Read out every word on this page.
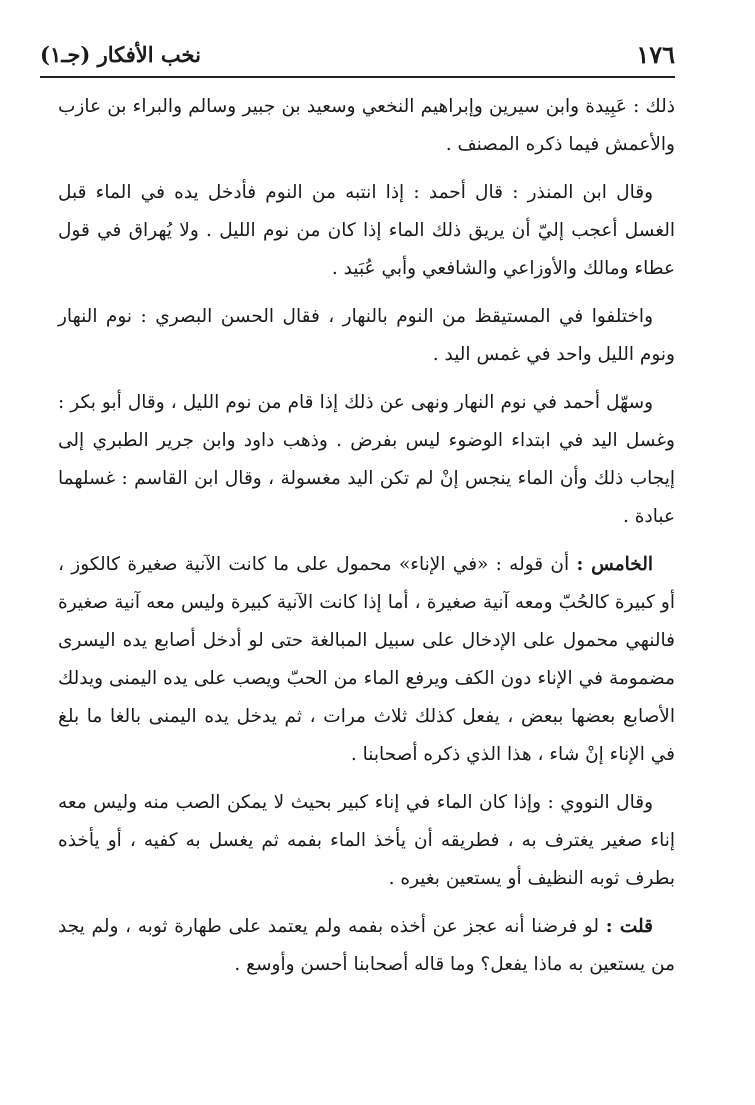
نخب الأفكار (جـ١)	١٧٦

ذلك : عَبِيدة وابن سيرين وإبراهيم النخعي وسعيد بن جبير وسالم والبراء بن عازب والأعمش فيما ذكره المصنف .

وقال ابن المنذر : قال أحمد : إذا انتبه من النوم فأدخل يده في الماء قبل الغسل أعجب إليّ أن يريق ذلك الماء إذا كان من نوم الليل . ولا يُهراق في قول عطاء ومالك والأوزاعي والشافعي وأبي عُبَيد .

واختلفوا في المستيقظ من النوم بالنهار ، فقال الحسن البصري : نوم النهار ونوم الليل واحد في غمس اليد .

وسهّل أحمد في نوم النهار ونهى عن ذلك إذا قام من نوم الليل ، وقال أبو بكر : وغسل اليد في ابتداء الوضوء ليس بفرض . وذهب داود وابن جرير الطبري إلى إيجاب ذلك وأن الماء ينجس إنْ لم تكن اليد مغسولة ، وقال ابن القاسم : غسلهما عبادة .

الخامس : أن قوله : «في الإناء» محمول على ما كانت الآنية صغيرة كالكوز ، أو كبيرة كالحُبّ ومعه آنية صغيرة ، أما إذا كانت الآنية كبيرة وليس معه آنية صغيرة فالنهي محمول على الإدخال على سبيل المبالغة حتى لو أدخل أصابع يده اليسرى مضمومة في الإناء دون الكف ويرفع الماء من الحبّ ويصب على يده اليمنى ويدلك الأصابع بعضها ببعض ، يفعل كذلك ثلاث مرات ، ثم يدخل يده اليمنى بالغا ما بلغ في الإناء إنْ شاء ، هذا الذي ذكره أصحابنا .

وقال النووي : وإذا كان الماء في إناء كبير بحيث لا يمكن الصب منه وليس معه إناء صغير يغترف به ، فطريقه أن يأخذ الماء بفمه ثم يغسل به كفيه ، أو يأخذه بطرف ثوبه النظيف أو يستعين بغيره .

قلت : لو فرضنا أنه عجز عن أخذه بفمه ولم يعتمد على طهارة ثوبه ، ولم يجد من يستعين به ماذا يفعل؟ وما قاله أصحابنا أحسن وأوسع .
